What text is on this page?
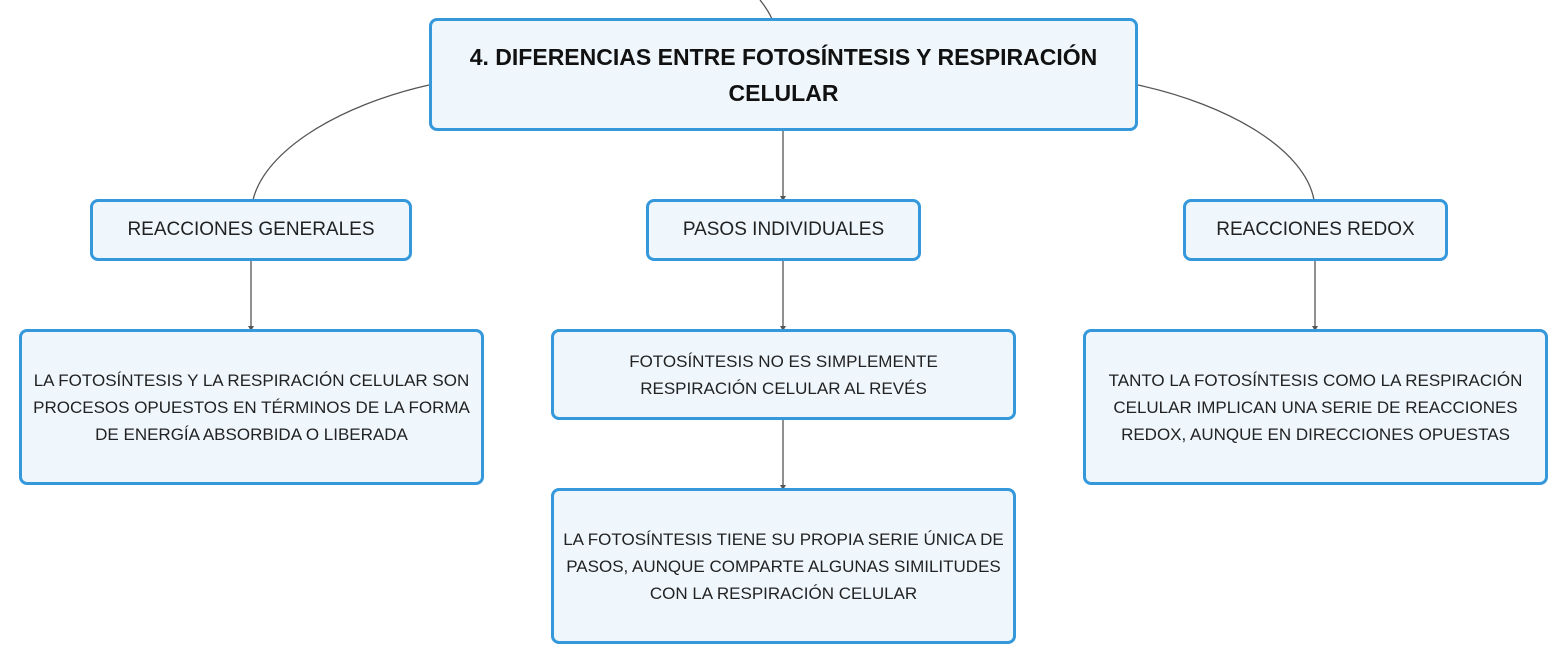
4. DIFERENCIAS ENTRE FOTOSÍNTESIS Y RESPIRACIÓN CELULAR
REACCIONES GENERALES	PASOS INDIVIDUALES	REACCIONES REDOX
LA FOTOSÍNTESIS Y LA RESPIRACIÓN CELULAR SON PROCESOS OPUESTOS EN TÉRMINOS DE LA FORMA DE ENERGÍA ABSORBIDA O LIBERADA
FOTOSÍNTESIS NO ES SIMPLEMENTE RESPIRACIÓN CELULAR AL REVÉS
LA FOTOSÍNTESIS TIENE SU PROPIA SERIE ÚNICA DE PASOS, AUNQUE COMPARTE ALGUNAS SIMILITUDES CON LA RESPIRACIÓN CELULAR
TANTO LA FOTOSÍNTESIS COMO LA RESPIRACIÓN CELULAR IMPLICAN UNA SERIE DE REACCIONES REDOX, AUNQUE EN DIRECCIONES OPUESTAS
